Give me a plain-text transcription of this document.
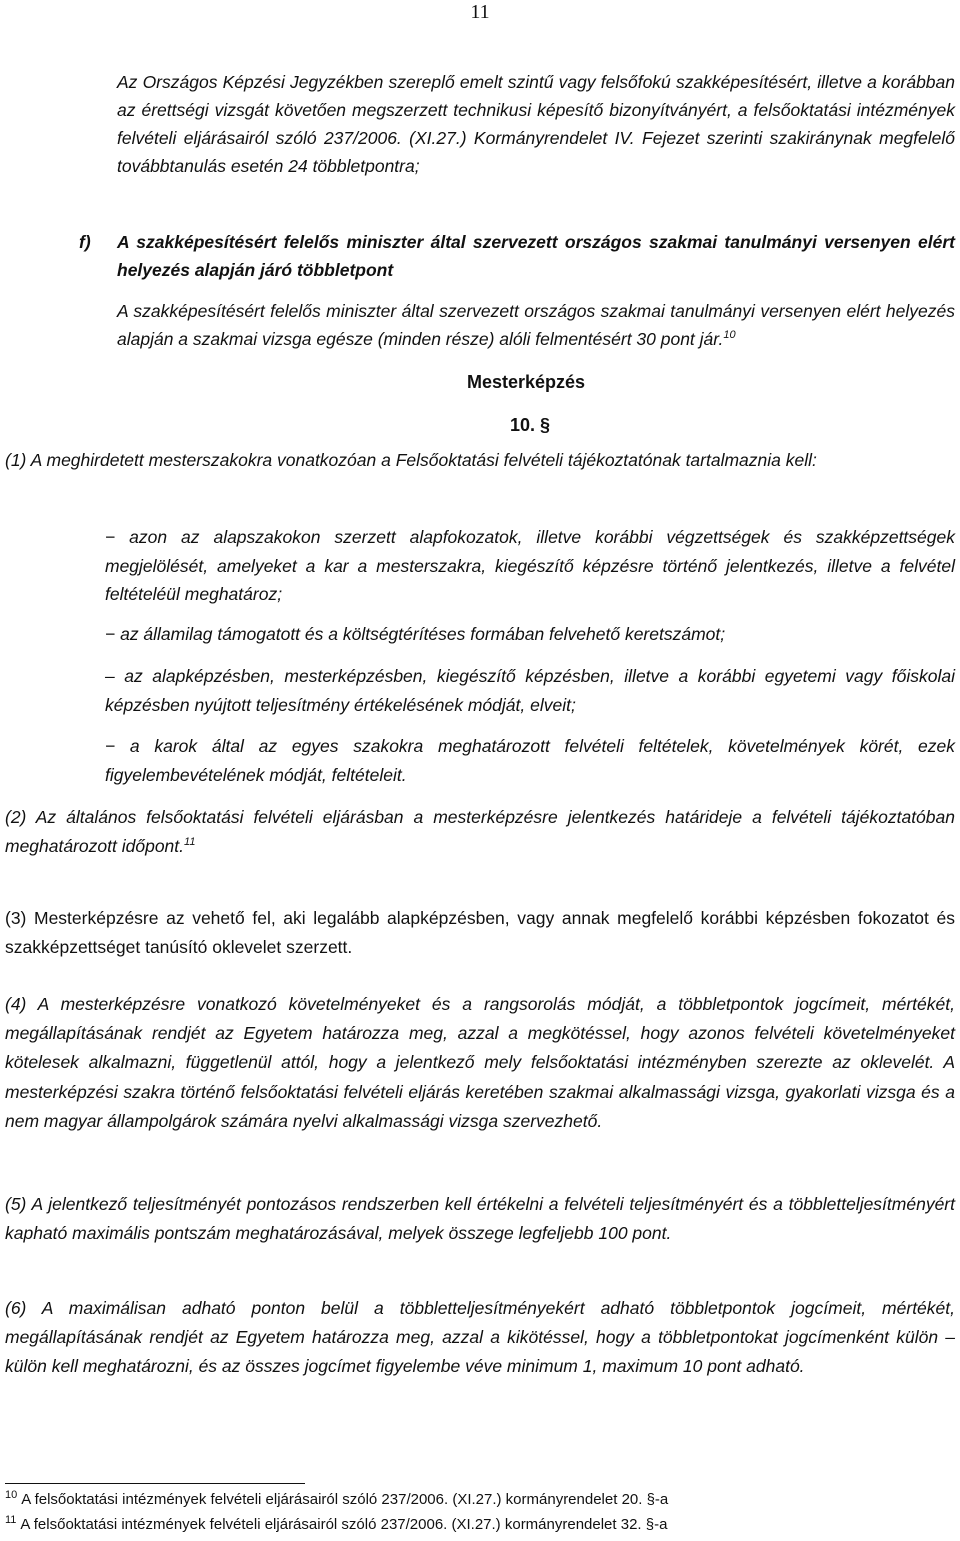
11

Az Országos Képzési Jegyzékben szereplő emelt szintű vagy felsőfokú szakképesítésért, illetve a korábban az érettségi vizsgát követően megszerzett technikusi képesítő bizonyítványért, a felsőoktatási intézmények felvételi eljárásairól szóló 237/2006. (XI.27.) Kormányrendelet IV. Fejezet szerinti szakiránynak megfelelő továbbtanulás esetén 24 többletpontra;

f) A szakképesítésért felelős miniszter által szervezett országos szakmai tanulmányi versenyen elért helyezés alapján járó többletpont

A szakképesítésért felelős miniszter által szervezett országos szakmai tanulmányi versenyen elért helyezés alapján a szakmai vizsga egésze (minden része) alóli felmentésért 30 pont jár.$^{10}$

Mesterképzés
10. §

(1) A meghirdetett mesterszakokra vonatkozóan a Felsőoktatási felvételi tájékoztatónak tartalmaznia kell:

− azon az alapszakokon szerzett alapfokozatok, illetve korábbi végzettségek és szakképzettségek megjelölését, amelyeket a kar a mesterszakra, kiegészítő képzésre történő jelentkezés, illetve a felvétel feltételéül meghatároz;

− az államilag támogatott és a költségtérítéses formában felvehető keretszámot;

– az alapképzésben, mesterképzésben, kiegészítő képzésben, illetve a korábbi egyetemi vagy főiskolai képzésben nyújtott teljesítmény értékelésének módját, elveit;

− a karok által az egyes szakokra meghatározott felvételi feltételek, követelmények körét, ezek figyelembevételének módját, feltételeit.

(2) Az általános felsőoktatási felvételi eljárásban a mesterképzésre jelentkezés határideje a felvételi tájékoztatóban meghatározott időpont.$^{11}$

(3) Mesterképzésre az vehető fel, aki legalább alapképzésben, vagy annak megfelelő korábbi képzésben fokozatot és szakképzettséget tanúsító oklevelet szerzett.

(4) A mesterképzésre vonatkozó követelményeket és a rangsorolás módját, a többletpontok jogcímeit, mértékét, megállapításának rendjét az Egyetem határozza meg, azzal a megkötéssel, hogy azonos felvételi követelményeket kötelesek alkalmazni, függetlenül attól, hogy a jelentkező mely felsőoktatási intézményben szerezte az oklevelét. A mesterképzési szakra történő felsőoktatási felvételi eljárás keretében szakmai alkalmassági vizsga, gyakorlati vizsga és a nem magyar állampolgárok számára nyelvi alkalmassági vizsga szervezhető.

(5) A jelentkező teljesítményét pontozásos rendszerben kell értékelni a felvételi teljesítményért és a többletteljesítményért kapható maximális pontszám meghatározásával, melyek összege legfeljebb 100 pont.

(6) A maximálisan adható ponton belül a többletteljesítményekért adható többletpontok jogcímeit, mértékét, megállapításának rendjét az Egyetem határozza meg, azzal a kikötéssel, hogy a többletpontokat jogcímenként külön – külön kell meghatározni, és az összes jogcímet figyelembe véve minimum 1, maximum 10 pont adható.

$^{10}$ A felsőoktatási intézmények felvételi eljárásairól szóló 237/2006. (XI.27.) kormányrendelet 20. §-a

$^{11}$ A felsőoktatási intézmények felvételi eljárásairól szóló 237/2006. (XI.27.) kormányrendelet 32. §-a
